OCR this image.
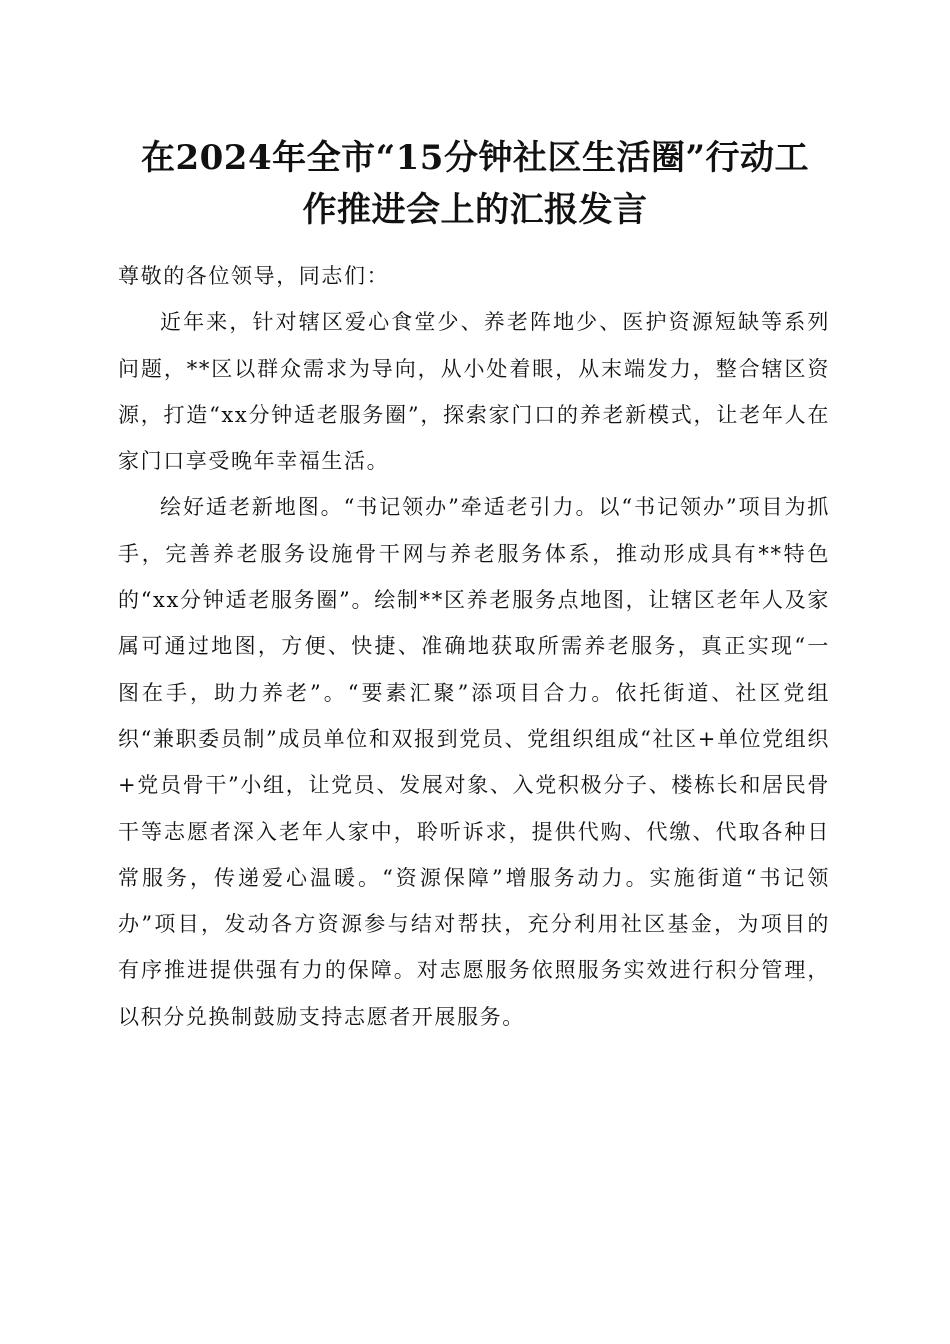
在2024年全市“15分钟社区生活圈”行动工
作推进会上的汇报发言

尊敬的各位领导，同志们：

近年来，针对辖区爱心食堂少、养老阵地少、医护资源短缺等系列问题，**区以群众需求为导向，从小处着眼，从末端发力，整合辖区资源，打造“xx分钟适老服务圈”，探索家门口的养老新模式，让老年人在家门口享受晚年幸福生活。

绘好适老新地图。“书记领办”牵适老引力。以“书记领办”项目为抓手，完善养老服务设施骨干网与养老服务体系，推动形成具有**特色的“xx分钟适老服务圈”。绘制**区养老服务点地图，让辖区老年人及家属可通过地图，方便、快捷、准确地获取所需养老服务，真正实现“一图在手，助力养老”。“要素汇聚”添项目合力。依托街道、社区党组织“兼职委员制”成员单位和双报到党员、党组织组成“社区+单位党组织+党员骨干”小组，让党员、发展对象、入党积极分子、楼栋长和居民骨干等志愿者深入老年人家中，聆听诉求，提供代购、代缴、代取各种日常服务，传递爱心温暖。“资源保障”增服务动力。实施街道“书记领办”项目，发动各方资源参与结对帮扶，充分利用社区基金，为项目的有序推进提供强有力的保障。对志愿服务依照服务实效进行积分管理，以积分兑换制鼓励支持志愿者开展服务。
